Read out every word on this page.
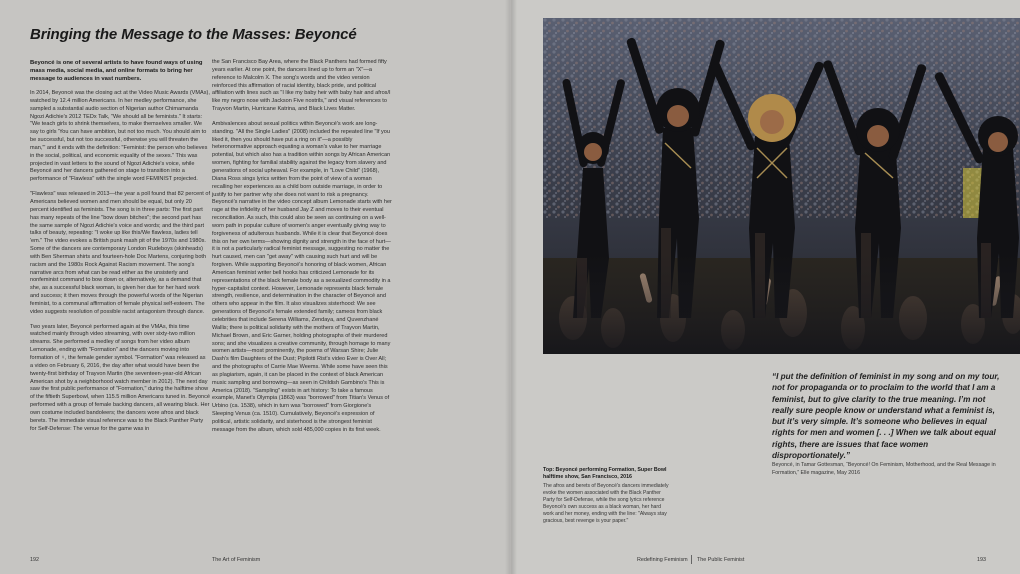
Bringing the Message to the Masses: Beyoncé

Beyoncé is one of several artists to have found ways of using mass media, social media, and online formats to bring her message to audiences in vast numbers.

In 2014, Beyoncé was the closing act at the Video Music Awards (VMAs), watched by 12.4 million Americans. In her medley performance, she sampled a substantial audio section of Nigerian author Chimamanda Ngozi Adichie's 2012 TEDx Talk, "We should all be feminists." It starts: "We teach girls to shrink themselves, to make themselves smaller. We say to girls 'You can have ambition, but not too much. You should aim to be successful, but not too successful, otherwise you will threaten the man,'" and it ends with the definition: "Feminist: the person who believes in the social, political, and economic equality of the sexes." This was projected in vast letters to the sound of Ngozi Adichie's voice, while Beyoncé and her dancers gathered on stage to transition into a performance of "Flawless" with the single word FEMINIST projected.

"Flawless" was released in 2013—the year a poll found that 82 percent of Americans believed women and men should be equal, but only 20 percent identified as feminists. The song is in three parts: The first part has many repeats of the line "bow down bitches"; the second part has the same sample of Ngozi Adichie's voice and words; and the third part talks of beauty, repeating: "I woke up like this/We flawless, ladies tell 'em." The video evokes a British punk mash pit of the 1970s and 1980s. Some of the dancers are contemporary London Rudeboys (skinheads) with Ben Sherman shirts and fourteen-hole Doc Martens, conjuring both racism and the 1980s Rock Against Racism movement. The song's narrative arcs from what can be read either as the unsisterly and nonfeminist command to bow down or, alternatively, as a demand that she, as a successful black woman, is given her due for her hard work and success; it then moves through the powerful words of the Nigerian feminist, to a communal affirmation of female physical self-esteem. The video suggests resolution of possible racist antagonism through dance.

Two years later, Beyoncé performed again at the VMAs, this time watched mainly through video streaming, with over sixty-two million streams. She performed a medley of songs from her video album Lemonade, ending with "Formation" and the dancers moving into formation of ♀, the female gender symbol. "Formation" was released as a video on February 6, 2016, the day after what would have been the twenty-first birthday of Trayvon Martin (the seventeen-year-old African American shot by a neighborhood watch member in 2012). The next day saw the first public performance of "Formation," during the halftime show of the fiftieth Superbowl, when 115.5 million Americans tuned in. Beyoncé performed with a group of female backing dancers, all wearing black. Her own costume included bandoleers; the dancers wore afros and black berets. The immediate visual reference was to the Black Panther Party for Self-Defense: The venue for the game was in

the San Francisco Bay Area, where the Black Panthers had formed fifty years earlier. At one point, the dancers lined up to form an "X"—a reference to Malcolm X. The song's words and the video version reinforced this affirmation of racial identity, black pride, and political affiliation with lines such as "I like my baby heir with baby hair and afros/I like my negro nose with Jackson Five nostrils," and visual references to Trayvon Martin, Hurricane Katrina, and Black Lives Matter.

Ambivalences about sexual politics within Beyoncé's work are long-standing. "All the Single Ladies" (2008) included the repeated line "If you liked it, then you should have put a ring on it"—a possibly heteronormative approach equating a woman's value to her marriage potential, but which also has a tradition within songs by African American women, fighting for familial stability against the legacy from slavery and generations of social upheaval. For example, in "Love Child" (1968), Diana Ross sings lyrics written from the point of view of a woman recalling her experiences as a child born outside marriage, in order to justify to her partner why she does not want to risk a pregnancy. Beyoncé's narrative in the video concept album Lemonade starts with her rage at the infidelity of her husband Jay Z and moves to their eventual reconciliation. As such, this could also be seen as continuing on a well-worn path in popular culture of women's anger eventually giving way to forgiveness of adulterous husbands. While it is clear that Beyoncé does this on her own terms—showing dignity and strength in the face of hurt—it is not a particularly radical feminist message, suggesting no matter the hurt caused, men can "get away" with causing such hurt and will be forgiven. While supporting Beyoncé's honoring of black women, African American feminist writer bell hooks has criticized Lemonade for its representations of the black female body as a sexualized commodity in a hyper-capitalist context. However, Lemonade represents black female strength, resilience, and determination in the character of Beyoncé and others who appear in the film. It also visualizes sisterhood: We see generations of Beyoncé's female extended family; cameos from black celebrities that include Serena Williams, Zendaya, and Quvenzhané Wallis; there is political solidarity with the mothers of Trayvon Martin, Michael Brown, and Eric Garner, holding photographs of their murdered sons; and she visualizes a creative community, through homage to many women artists—most prominently, the poems of Warsan Shire; Julie Dash's film Daughters of the Dust; Pipilotti Rist's video Ever is Over All; and the photographs of Carrie Mae Weems. While some have seen this as plagiarism, again, it can be placed in the context of black American music sampling and borrowing—as seen in Childish Gambino's This is America (2018). "Sampling" exists in art history: To take a famous example, Manet's Olympia (1863) was "borrowed" from Titian's Venus of Urbino (ca. 1538), which in turn was "borrowed" from Giorgione's Sleeping Venus (ca. 1510). Cumulatively, Beyoncé's expression of political, artistic solidarity, and sisterhood is the strongest feminist message from the album, which sold 485,000 copies in its first week.

Top: Beyoncé performing Formation, Super Bowl halftime show, San Francisco, 2016

The afros and berets of Beyoncé's dancers immediately evoke the women associated with the Black Panther Party for Self-Defense, while the song lyrics reference Beyoncé's own success as a black woman, her hard work and her money, ending with the line: "Always stay gracious, best revenge is your paper."

“I put the definition of feminist in my song and on my tour, not for propaganda or to proclaim to the world that I am a feminist, but to give clarity to the true meaning. I’m not really sure people know or understand what a feminist is, but it’s very simple. It’s someone who believes in equal rights for men and women [. . .] When we talk about equal rights, there are issues that face women disproportionately.”

Beyoncé, in Tamar Gottesman, “Beyoncé! On Feminism, Motherhood, and the Real Message in Formation,” Elle magazine, May 2016

192	The Art of Feminism	Redefining Feminism The Public Feminist	193
